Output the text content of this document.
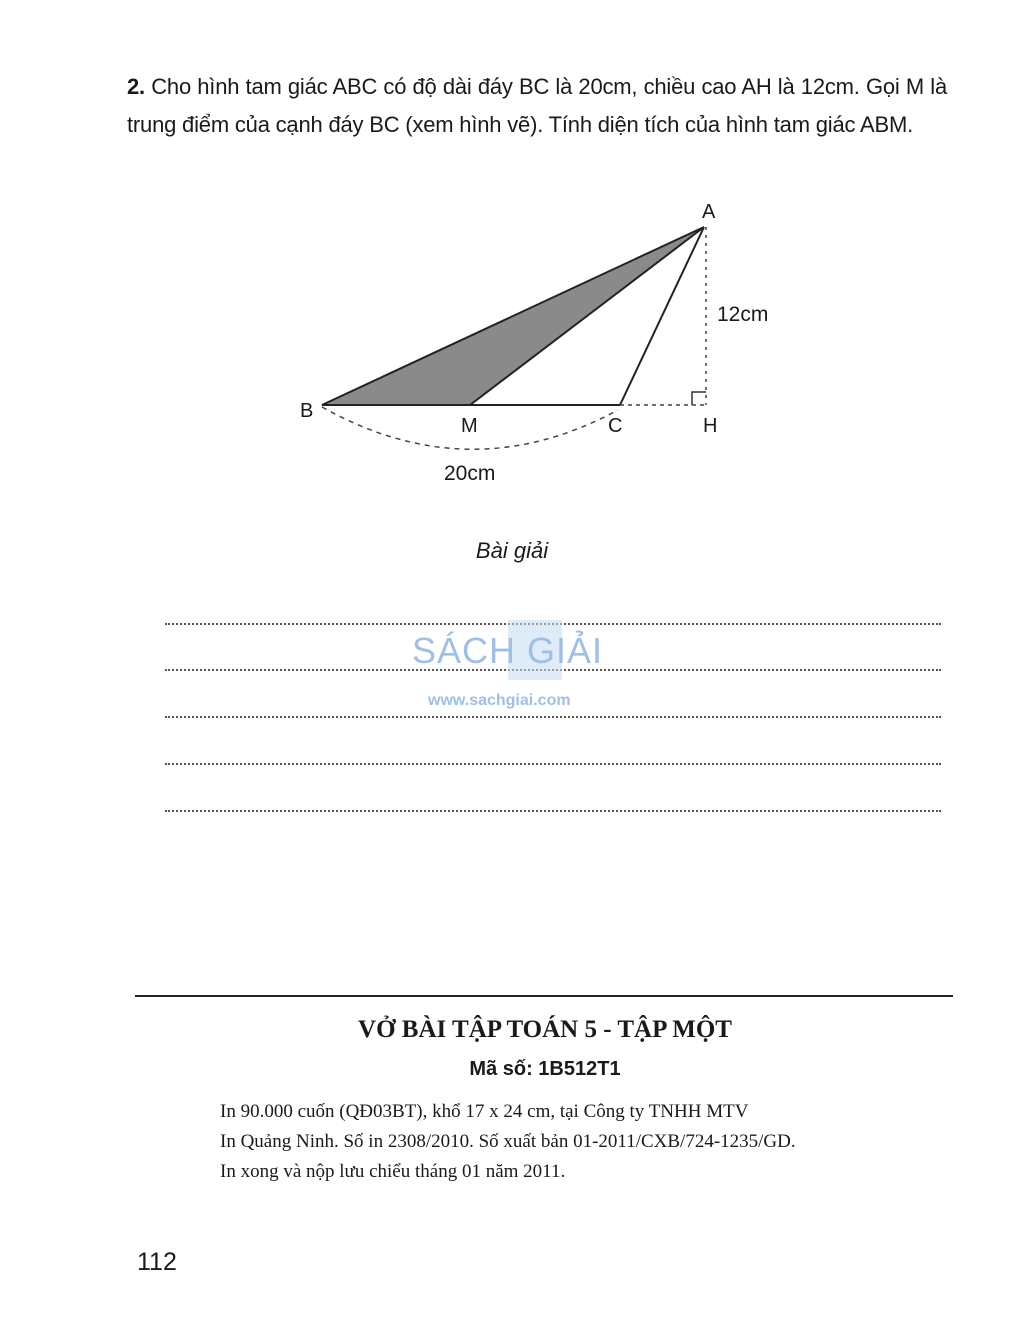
2. Cho hình tam giác ABC có độ dài đáy BC là 20cm, chiều cao AH là 12cm. Gọi M là trung điểm của cạnh đáy BC (xem hình vẽ). Tính diện tích của hình tam giác ABM.
A
B
M	C	H
12cm
20cm
Bài giải
SÁCH GIẢI
www.sachgiai.com
VỞ BÀI TẬP TOÁN 5 - TẬP MỘT
Mã số: 1B512T1
In 90.000 cuốn (QĐ03BT), khổ 17 x 24 cm, tại Công ty TNHH MTV
In Quảng Ninh. Số in 2308/2010. Số xuất bản 01-2011/CXB/724-1235/GD.
In xong và nộp lưu chiểu tháng 01 năm 2011.
112
